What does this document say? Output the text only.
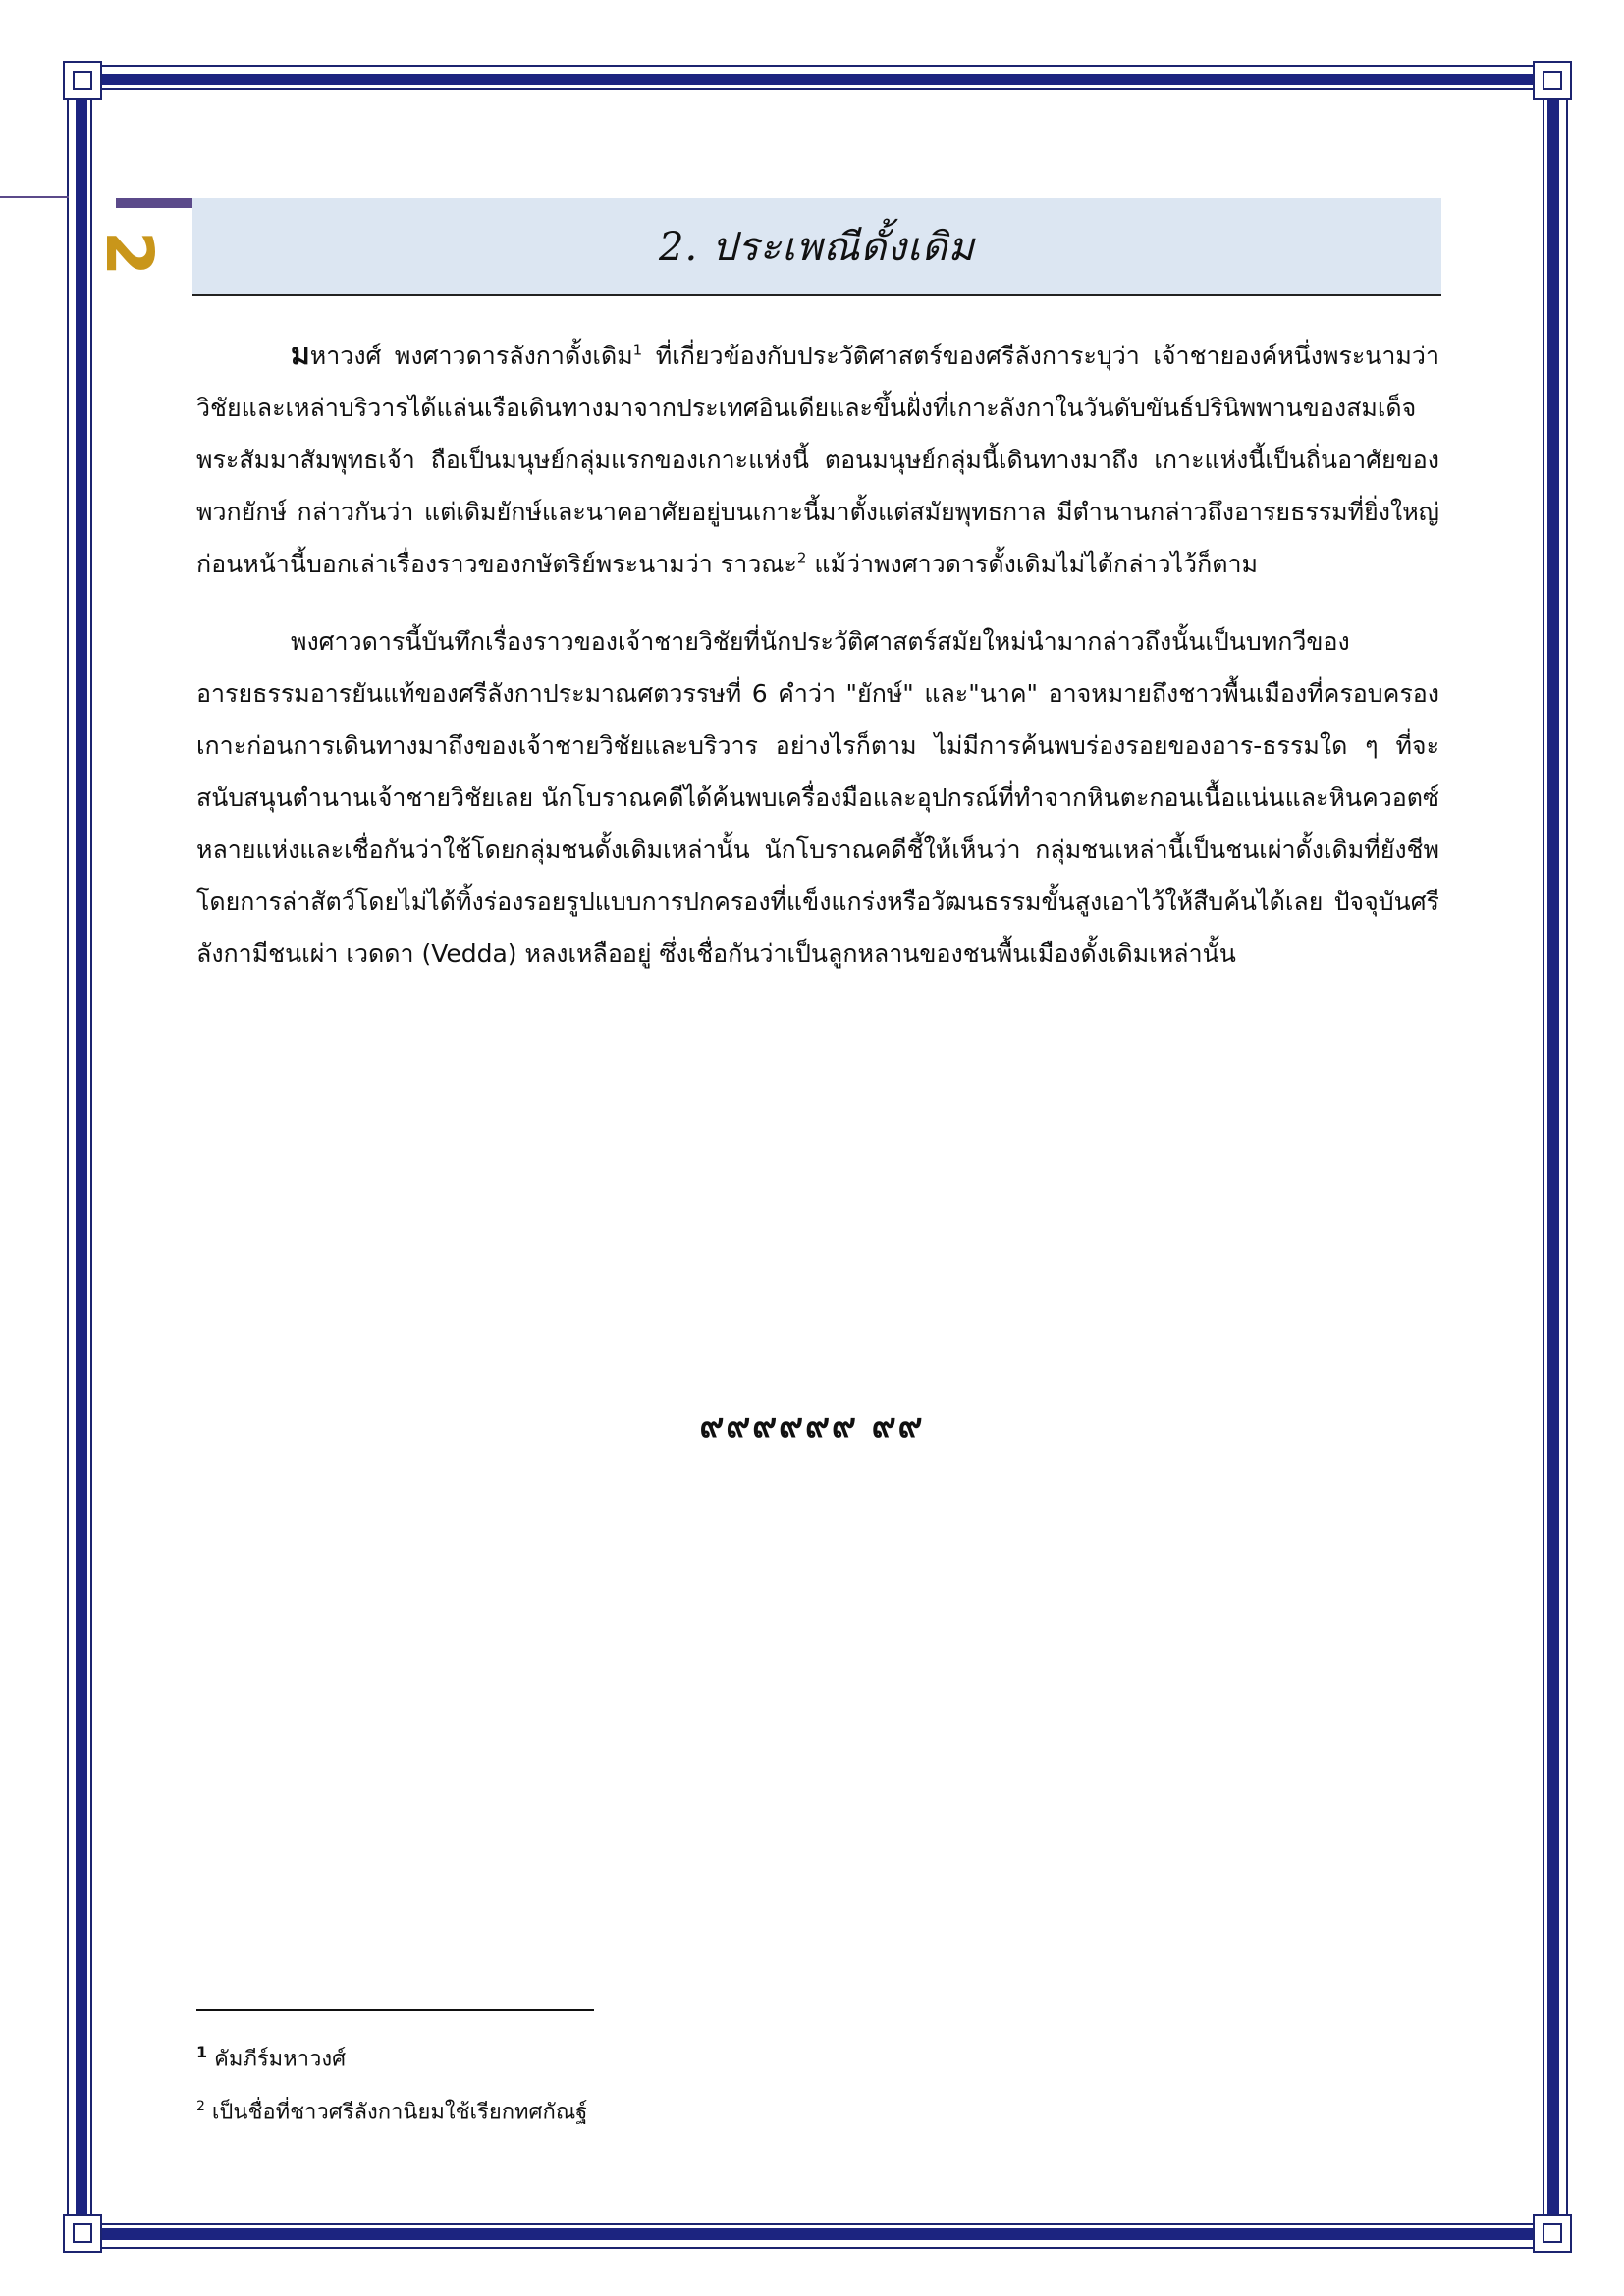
2	2. ประเพณีดั้งเดิม

มหาวงศ์ พงศาวดารลังกาดั้งเดิม$^1$ ที่เกี่ยวข้องกับประวัติศาสตร์ของศรีลังการะบุว่า เจ้าชายองค์หนึ่งพระนามว่าวิชัยและเหล่าบริวารได้แล่นเรือเดินทางมาจากประเทศอินเดียและขึ้นฝั่งที่เกาะลังกาในวันดับขันธ์ปรินิพพานของสมเด็จพระสัมมาสัมพุทธเจ้า ถือเป็นมนุษย์กลุ่มแรกของเกาะแห่งนี้ ตอนมนุษย์กลุ่มนี้เดินทางมาถึง เกาะแห่งนี้เป็นถิ่นอาศัยของพวกยักษ์ กล่าวกันว่า แต่เดิมยักษ์และนาคอาศัยอยู่บนเกาะนี้มาตั้งแต่สมัยพุทธกาล มีตำนานกล่าวถึงอารยธรรมที่ยิ่งใหญ่ก่อนหน้านี้บอกเล่าเรื่องราวของกษัตริย์พระนามว่า ราวณะ$^2$ แม้ว่าพงศาวดารดั้งเดิมไม่ได้กล่าวไว้ก็ตาม

พงศาวดารนี้บันทึกเรื่องราวของเจ้าชายวิชัยที่นักประวัติศาสตร์สมัยใหม่นำมากล่าวถึงนั้นเป็นบทกวีของอารยธรรมอารยันแท้ของศรีลังกาประมาณศตวรรษที่ 6 คำว่า "ยักษ์" และ"นาค" อาจหมายถึงชาวพื้นเมืองที่ครอบครองเกาะก่อนการเดินทางมาถึงของเจ้าชายวิชัยและบริวาร อย่างไรก็ตาม ไม่มีการค้นพบร่องรอยของอาร-ธรรมใด ๆ ที่จะสนับสนุนตำนานเจ้าชายวิชัยเลย นักโบราณคดีได้ค้นพบเครื่องมือและอุปกรณ์ที่ทำจากหินตะกอนเนื้อแน่นและหินควอตซ์หลายแห่งและเชื่อกันว่าใช้โดยกลุ่มชนดั้งเดิมเหล่านั้น นักโบราณคดีชี้ให้เห็นว่า กลุ่มชนเหล่านี้เป็นชนเผ่าดั้งเดิมที่ยังชีพโดยการล่าสัตว์โดยไม่ได้ทิ้งร่องรอยรูปแบบการปกครองที่แข็งแกร่งหรือวัฒนธรรมขั้นสูงเอาไว้ให้สืบค้นได้เลย ปัจจุบันศรีลังกามีชนเผ่า เวดดา (Vedda) หลงเหลืออยู่ ซึ่งเชื่อกันว่าเป็นลูกหลานของชนพื้นเมืองดั้งเดิมเหล่านั้น

๙๙๙๙๙๙ ๙๙

$^1$ คัมภีร์มหาวงศ์

$^2$ เป็นชื่อที่ชาวศรีลังกานิยมใช้เรียกทศกัณฐ์
